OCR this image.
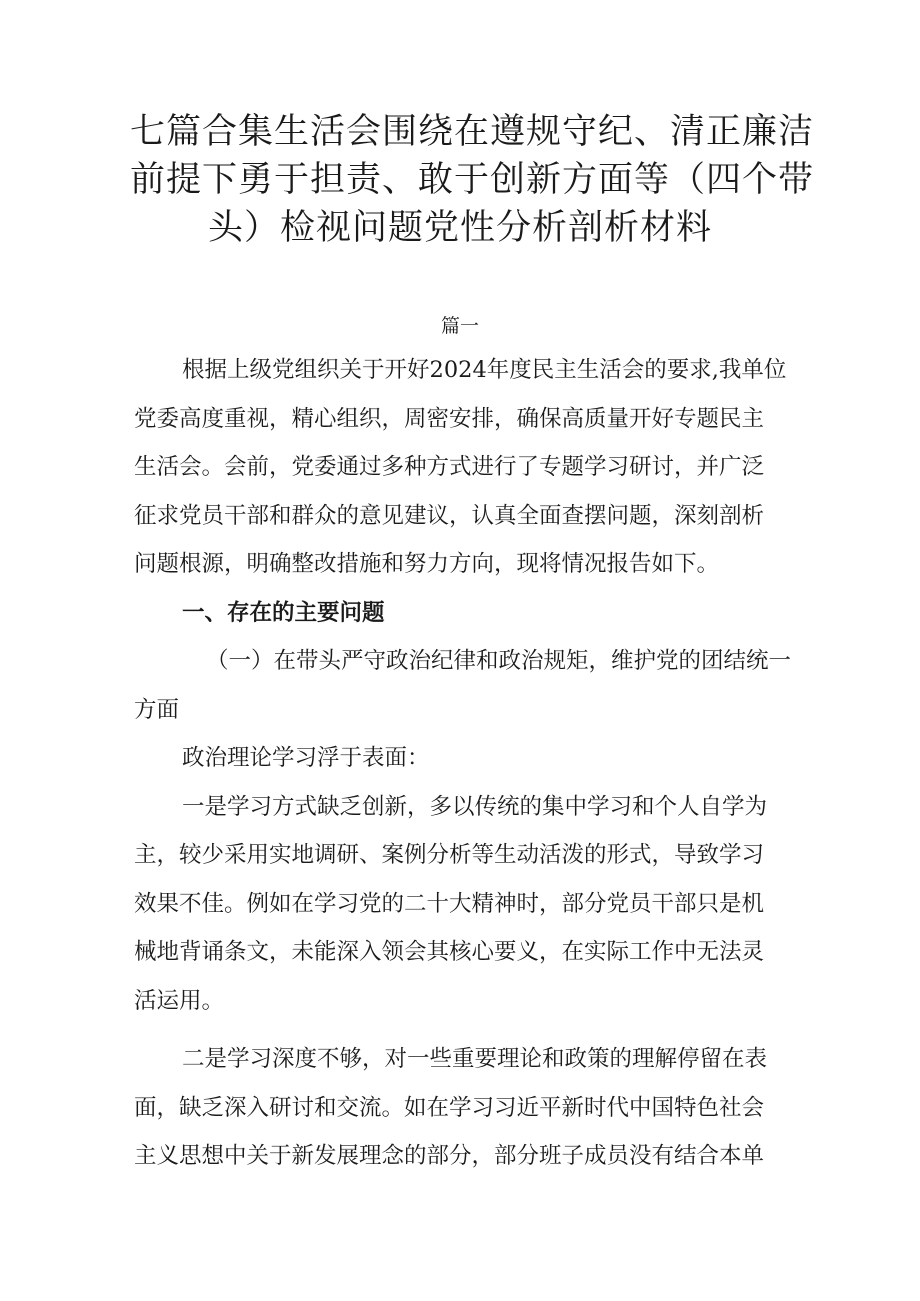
七篇合集生活会围绕在遵规守纪、清正廉洁
前提下勇于担责、敢于创新方面等（四个带
头）检视问题党性分析剖析材料
篇一
根据上级党组织关于开好2024年度民主生活会的要求,我单位
党委高度重视，精心组织，周密安排，确保高质量开好专题民主
生活会。会前，党委通过多种方式进行了专题学习研讨，并广泛
征求党员干部和群众的意见建议，认真全面查摆问题，深刻剖析
问题根源，明确整改措施和努力方向，现将情况报告如下。
一、存在的主要问题
（一）在带头严守政治纪律和政治规矩，维护党的团结统一
方面
政治理论学习浮于表面：
一是学习方式缺乏创新，多以传统的集中学习和个人自学为
主，较少采用实地调研、案例分析等生动活泼的形式，导致学习
效果不佳。例如在学习党的二十大精神时，部分党员干部只是机
械地背诵条文，未能深入领会其核心要义，在实际工作中无法灵
活运用。
二是学习深度不够，对一些重要理论和政策的理解停留在表
面，缺乏深入研讨和交流。如在学习习近平新时代中国特色社会
主义思想中关于新发展理念的部分，部分班子成员没有结合本单
